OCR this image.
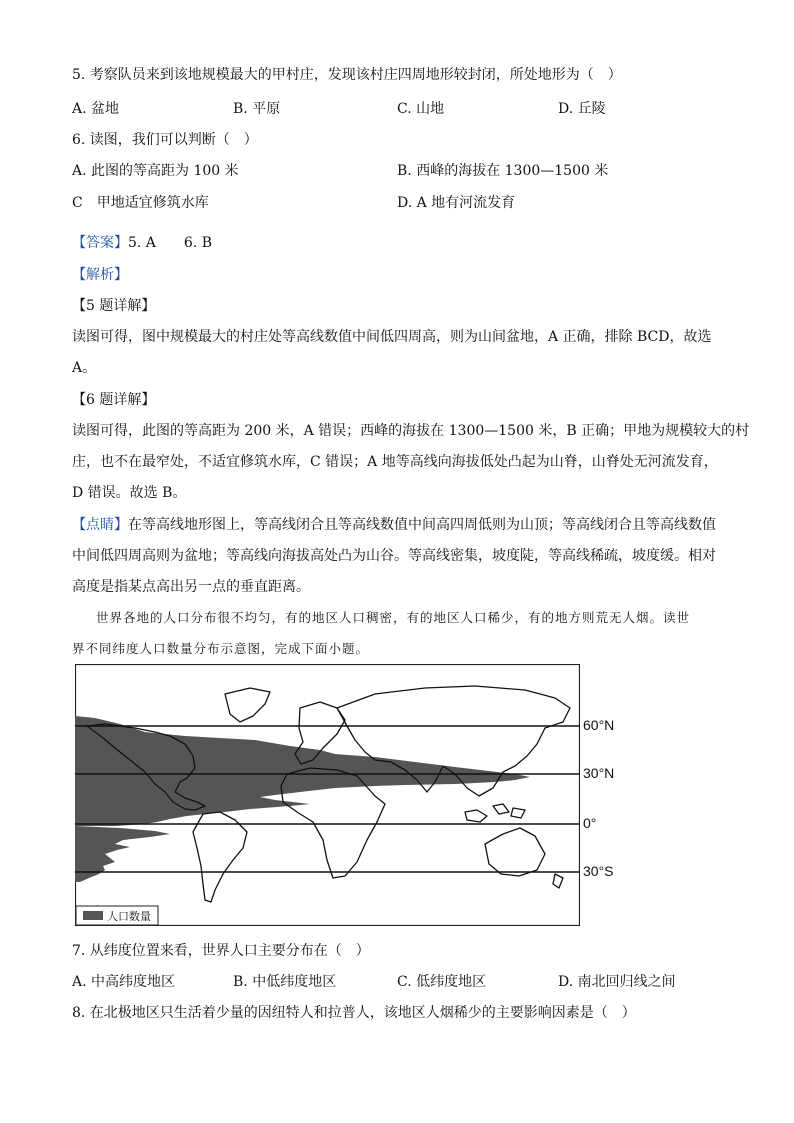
5. 考察队员来到该地规模最大的甲村庄，发现该村庄四周地形较封闭，所处地形为（　）
A. 盆地	B. 平原	C. 山地	D. 丘陵
6. 读图，我们可以判断（　）
A. 此图的等高距为 100 米	B. 西峰的海拔在 1300—1500 米
C　甲地适宜修筑水库	D. A 地有河流发育
【答案】5. A　　6. B
【解析】
【5 题详解】
读图可得，图中规模最大的村庄处等高线数值中间低四周高，则为山间盆地，A 正确，排除 BCD，故选
A。
【6 题详解】
读图可得，此图的等高距为 200 米，A 错误；西峰的海拔在 1300—1500 米，B 正确；甲地为规模较大的村
庄，也不在最窄处，不适宜修筑水库，C 错误；A 地等高线向海拔低处凸起为山脊，山脊处无河流发育，
D 错误。故选 B。
【点睛】在等高线地形图上，等高线闭合且等高线数值中间高四周低则为山顶；等高线闭合且等高线数值
中间低四周高则为盆地；等高线向海拔高处凸为山谷。等高线密集，坡度陡，等高线稀疏，坡度缓。相对
高度是指某点高出另一点的垂直距离。
世界各地的人口分布很不均匀，有的地区人口稠密，有的地区人口稀少，有的地方则荒无人烟。读世
界不同纬度人口数量分布示意图，完成下面小题。
人口数量
60°N
30°N
0°
30°S
7. 从纬度位置来看，世界人口主要分布在（　）
A. 中高纬度地区	B. 中低纬度地区	C. 低纬度地区	D. 南北回归线之间
8. 在北极地区只生活着少量的因纽特人和拉普人，该地区人烟稀少的主要影响因素是（　）
